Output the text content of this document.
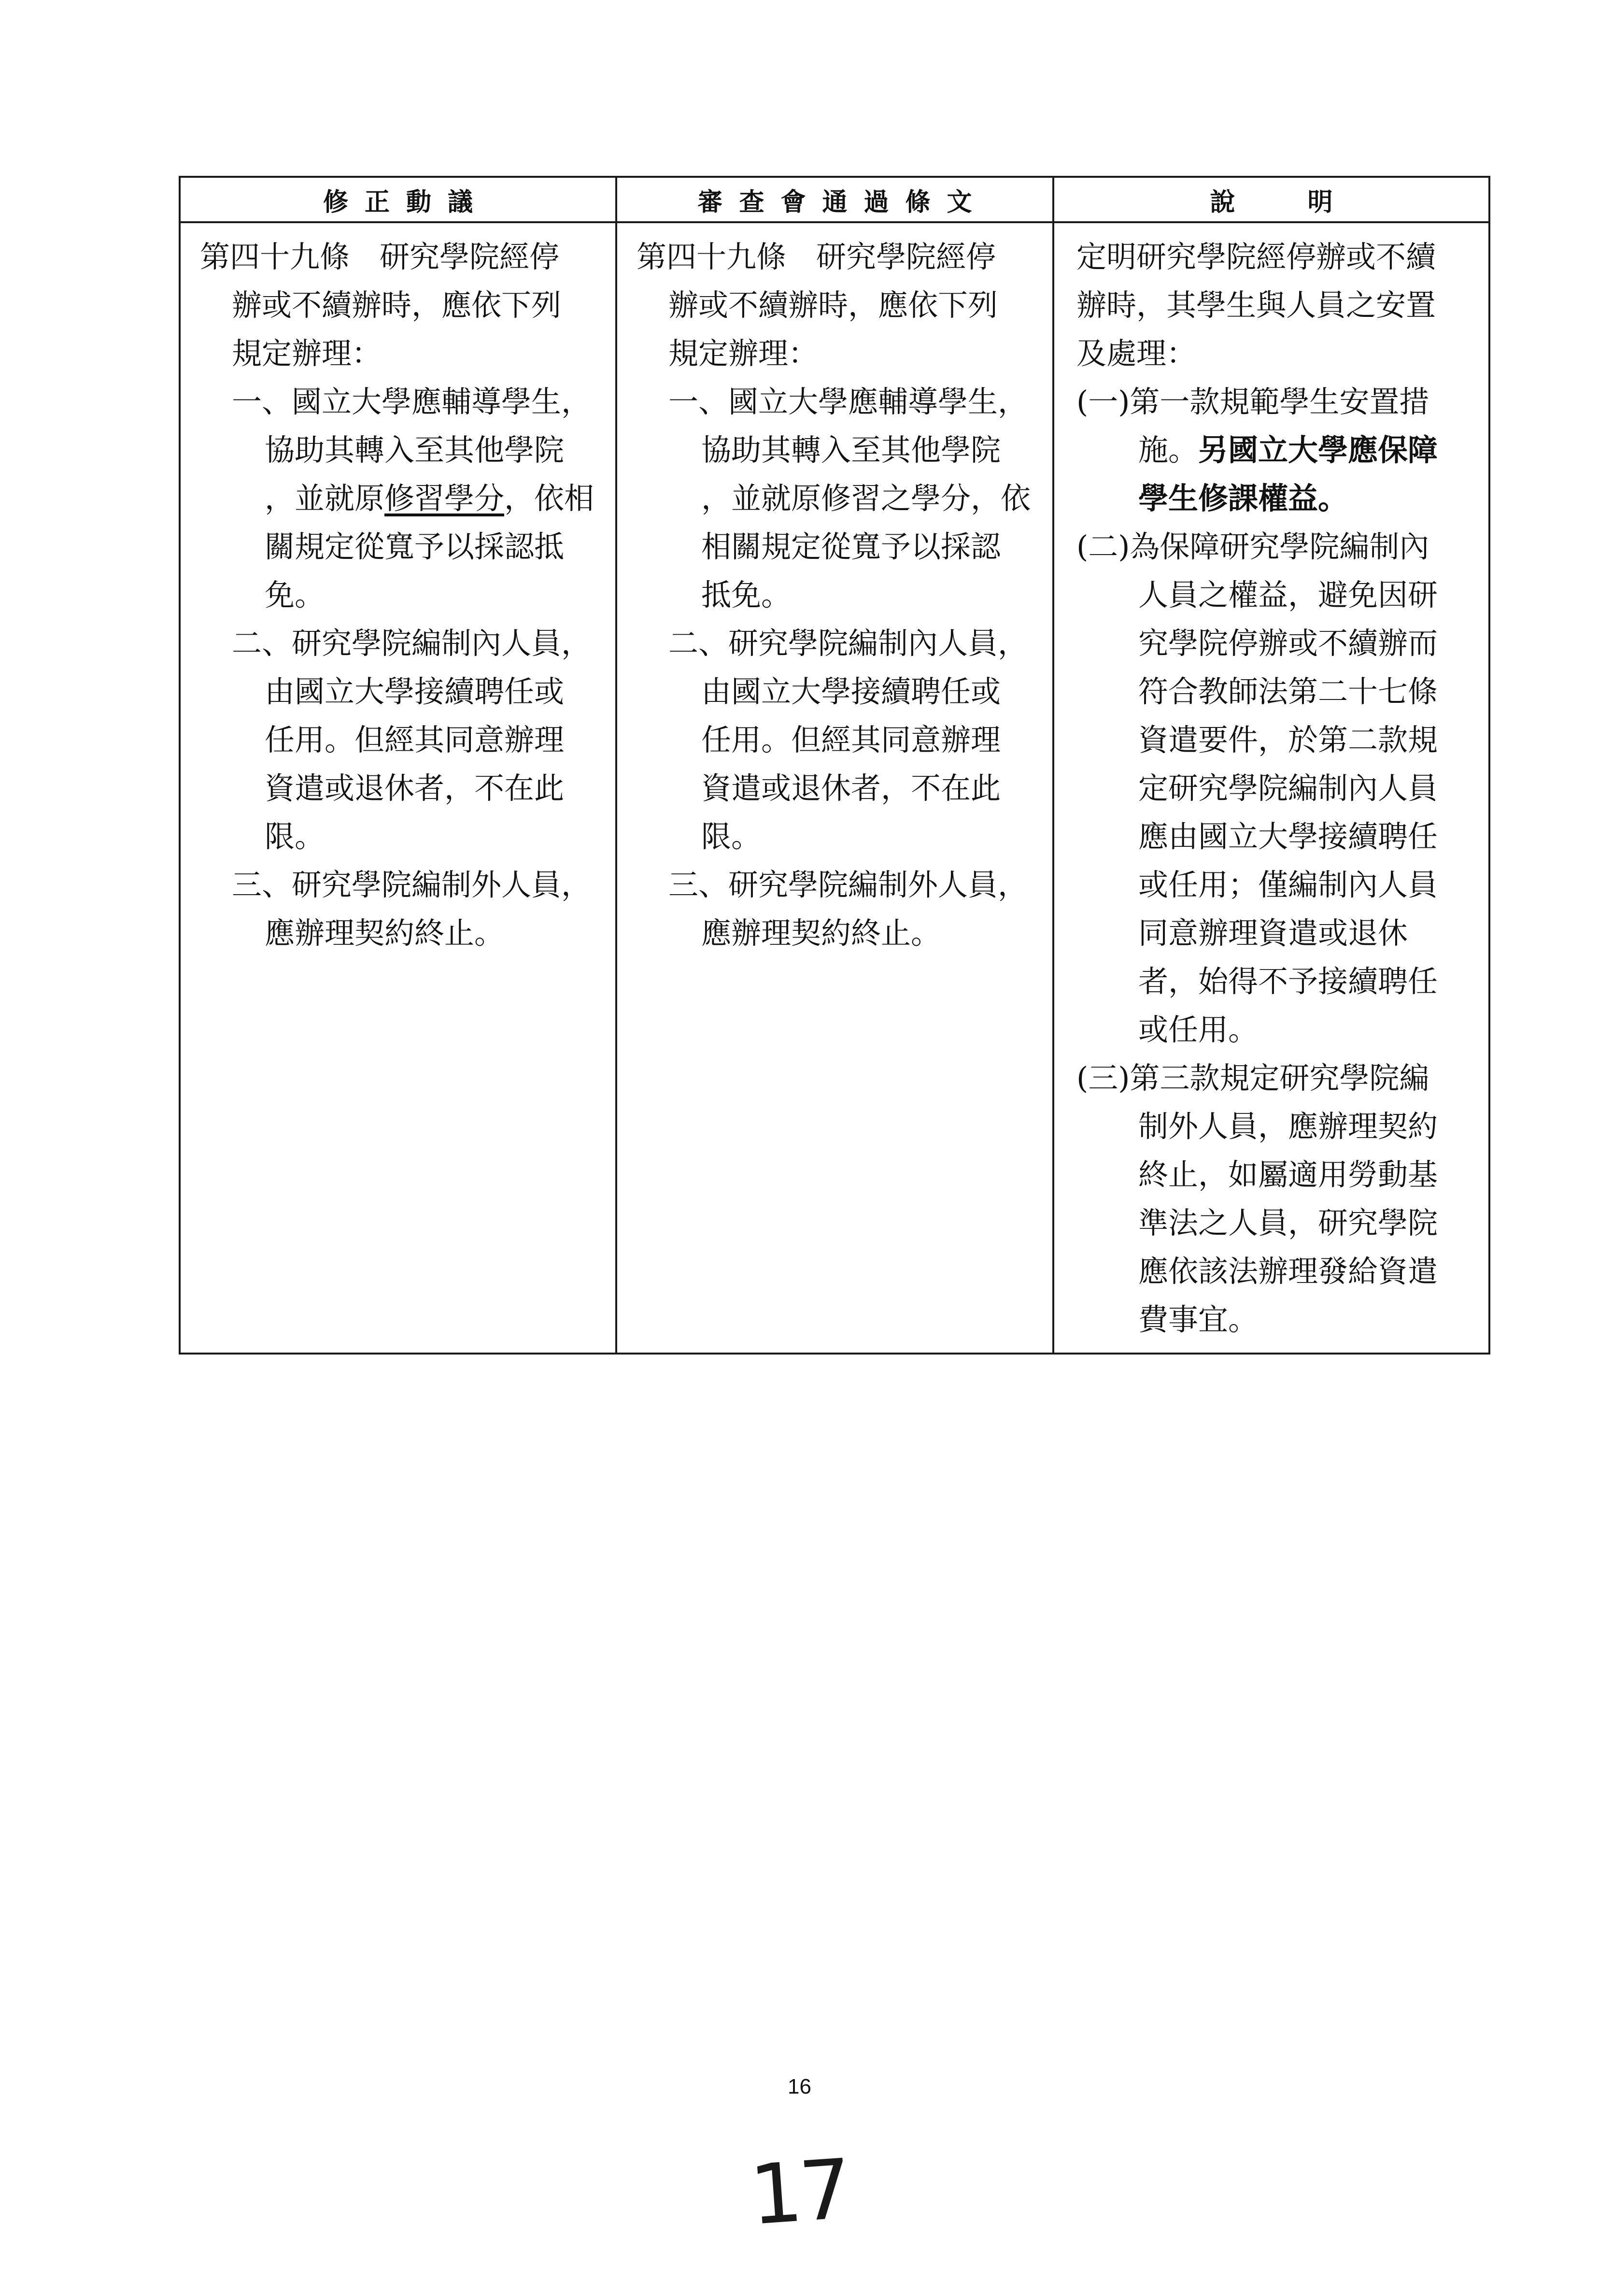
修正動議	審查會通過條文	說明
第四十九條　研究學院經停
辦或不續辦時，應依下列
規定辦理：
一、國立大學應輔導學生，
協助其轉入至其他學院
，並就原修習學分，依相
關規定從寬予以採認抵
免。
二、研究學院編制內人員，
由國立大學接續聘任或
任用。但經其同意辦理
資遣或退休者，不在此
限。
三、研究學院編制外人員，
應辦理契約終止。
第四十九條　研究學院經停
辦或不續辦時，應依下列
規定辦理：
一、國立大學應輔導學生，
協助其轉入至其他學院
，並就原修習之學分，依
相關規定從寬予以採認
抵免。
二、研究學院編制內人員，
由國立大學接續聘任或
任用。但經其同意辦理
資遣或退休者，不在此
限。
三、研究學院編制外人員，
應辦理契約終止。
定明研究學院經停辦或不續
辦時，其學生與人員之安置
及處理：
(一)第一款規範學生安置措
施。另國立大學應保障
學生修課權益。
(二)為保障研究學院編制內
人員之權益，避免因研
究學院停辦或不續辦而
符合教師法第二十七條
資遣要件，於第二款規
定研究學院編制內人員
應由國立大學接續聘任
或任用；僅編制內人員
同意辦理資遣或退休
者，始得不予接續聘任
或任用。
(三)第三款規定研究學院編
制外人員，應辦理契約
終止，如屬適用勞動基
準法之人員，研究學院
應依該法辦理發給資遣
費事宜。
16
17
